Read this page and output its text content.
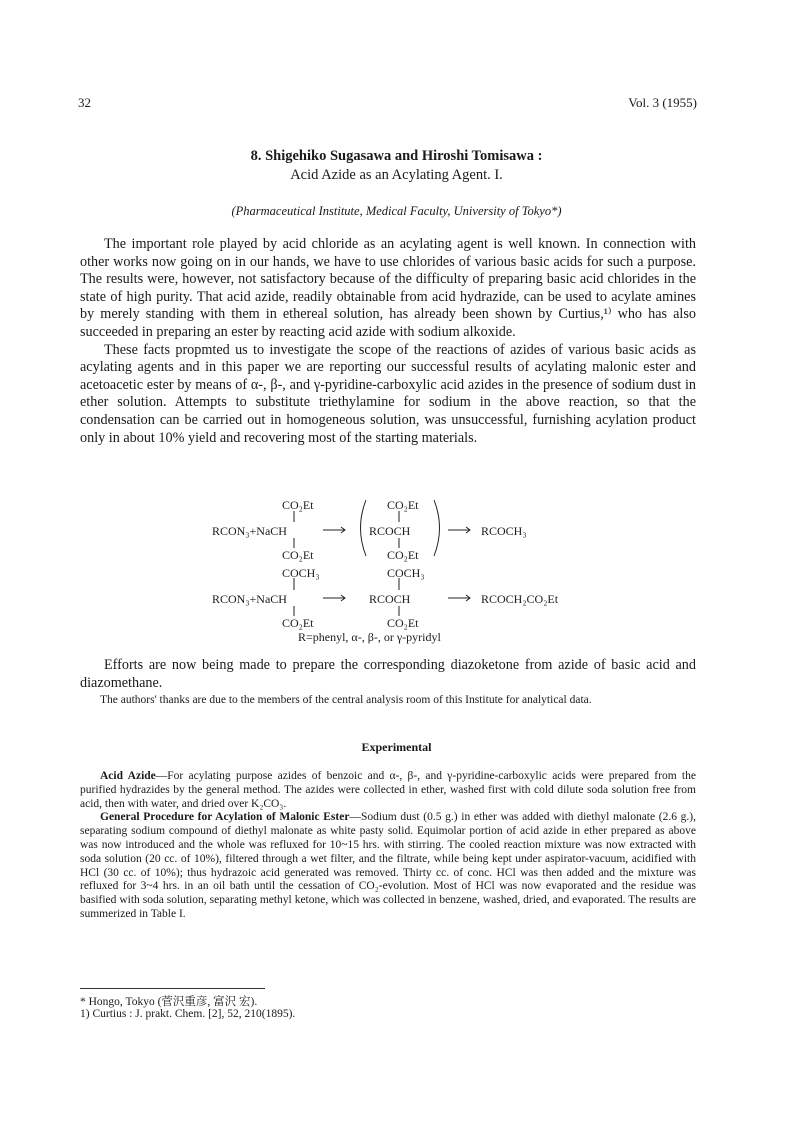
32	Vol. 3 (1955)
8. Shigehiko Sugasawa and Hiroshi Tomisawa :
Acid Azide as an Acylating Agent. I.
(Pharmaceutical Institute, Medical Faculty, University of Tokyo*)

The important role played by acid chloride as an acylating agent is well known. In connection with other works now going on in our hands, we have to use chlorides of various basic acids for such a purpose. The results were, however, not satisfactory because of the difficulty of preparing basic acid chlorides in the state of high purity. That acid azide, readily obtainable from acid hydrazide, can be used to acylate amines by merely standing with them in ethereal solution, has already been shown by Curtius,¹⁾ who has also succeeded in preparing an ester by reacting acid azide with sodium alkoxide.

These facts propmted us to investigate the scope of the reactions of azides of various basic acids as acylating agents and in this paper we are reporting our successful results of acylating malonic ester and acetoacetic ester by means of α-, β-, and γ-pyridine-carboxylic acid azides in the presence of sodium dust in ether solution. Attempts to substitute triethylamine for sodium in the above reaction, so that the condensation can be carried out in homogeneous solution, was unsuccessful, furnishing acylation product only in about 10% yield and recovering most of the starting materials.

CO₂Et
RCON₃+NaCH
CO₂Et
CO₂Et
RCOCH
CO₂Et
RCOCH₃
COCH₃
RCON₃+NaCH
CO₂Et
COCH₃
RCOCH
CO₂Et
RCOCH₂CO₂Et
R=phenyl, α-, β-, or γ-pyridyl

Efforts are now being made to prepare the corresponding diazoketone from azide of basic acid and diazomethane.

The authors' thanks are due to the members of the central analysis room of this Institute for analytical data.

Experimental

Acid Azide—For acylating purpose azides of benzoic and α-, β-, and γ-pyridine-carboxylic acids were prepared from the purified hydrazides by the general method. The azides were collected in ether, washed first with cold dilute soda solution free from acid, then with water, and dried over K₂CO₃.

General Procedure for Acylation of Malonic Ester—Sodium dust (0.5 g.) in ether was added with diethyl malonate (2.6 g.), separating sodium compound of diethyl malonate as white pasty solid. Equimolar portion of acid azide in ether prepared as above was now introduced and the whole was refluxed for 10~15 hrs. with stirring. The cooled reaction mixture was now extracted with soda solution (20 cc. of 10%), filtered through a wet filter, and the filtrate, while being kept under aspirator-vacuum, acidified with HCl (30 cc. of 10%); thus hydrazoic acid generated was removed. Thirty cc. of conc. HCl was then added and the mixture was refluxed for 3~4 hrs. in an oil bath until the cessation of CO₂-evolution. Most of HCl was now evaporated and the residue was basified with soda solution, separating methyl ketone, which was collected in benzene, washed, dried, and evaporated. The results are summerized in Table I.

* Hongo, Tokyo (菅沢重彦, 富沢 宏).
1) Curtius : J. prakt. Chem. [2], 52, 210(1895).
